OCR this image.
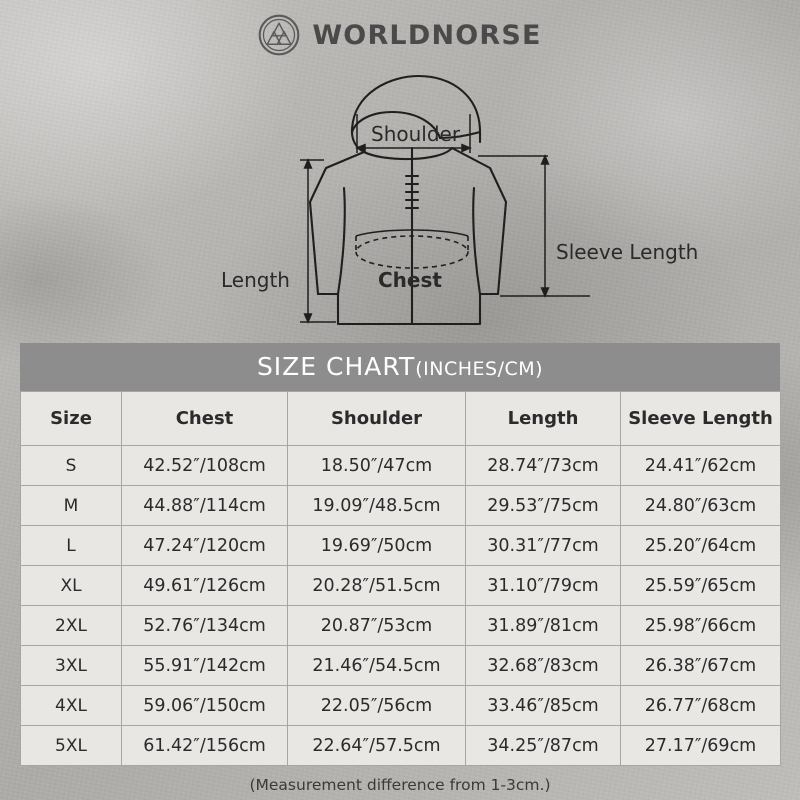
WORLDNORSE
Shoulder
Sleeve Length
Length	Chest
SIZE CHART(INCHES/CM)
Size	Chest	Shoulder	Length	Sleeve Length
S	42.52″/108cm	18.50″/47cm	28.74″/73cm	24.41″/62cm
M	44.88″/114cm	19.09″/48.5cm	29.53″/75cm	24.80″/63cm
L	47.24″/120cm	19.69″/50cm	30.31″/77cm	25.20″/64cm
XL	49.61″/126cm	20.28″/51.5cm	31.10″/79cm	25.59″/65cm
2XL	52.76″/134cm	20.87″/53cm	31.89″/81cm	25.98″/66cm
3XL	55.91″/142cm	21.46″/54.5cm	32.68″/83cm	26.38″/67cm
4XL	59.06″/150cm	22.05″/56cm	33.46″/85cm	26.77″/68cm
5XL	61.42″/156cm	22.64″/57.5cm	34.25″/87cm	27.17″/69cm
(Measurement difference from 1-3cm.)
